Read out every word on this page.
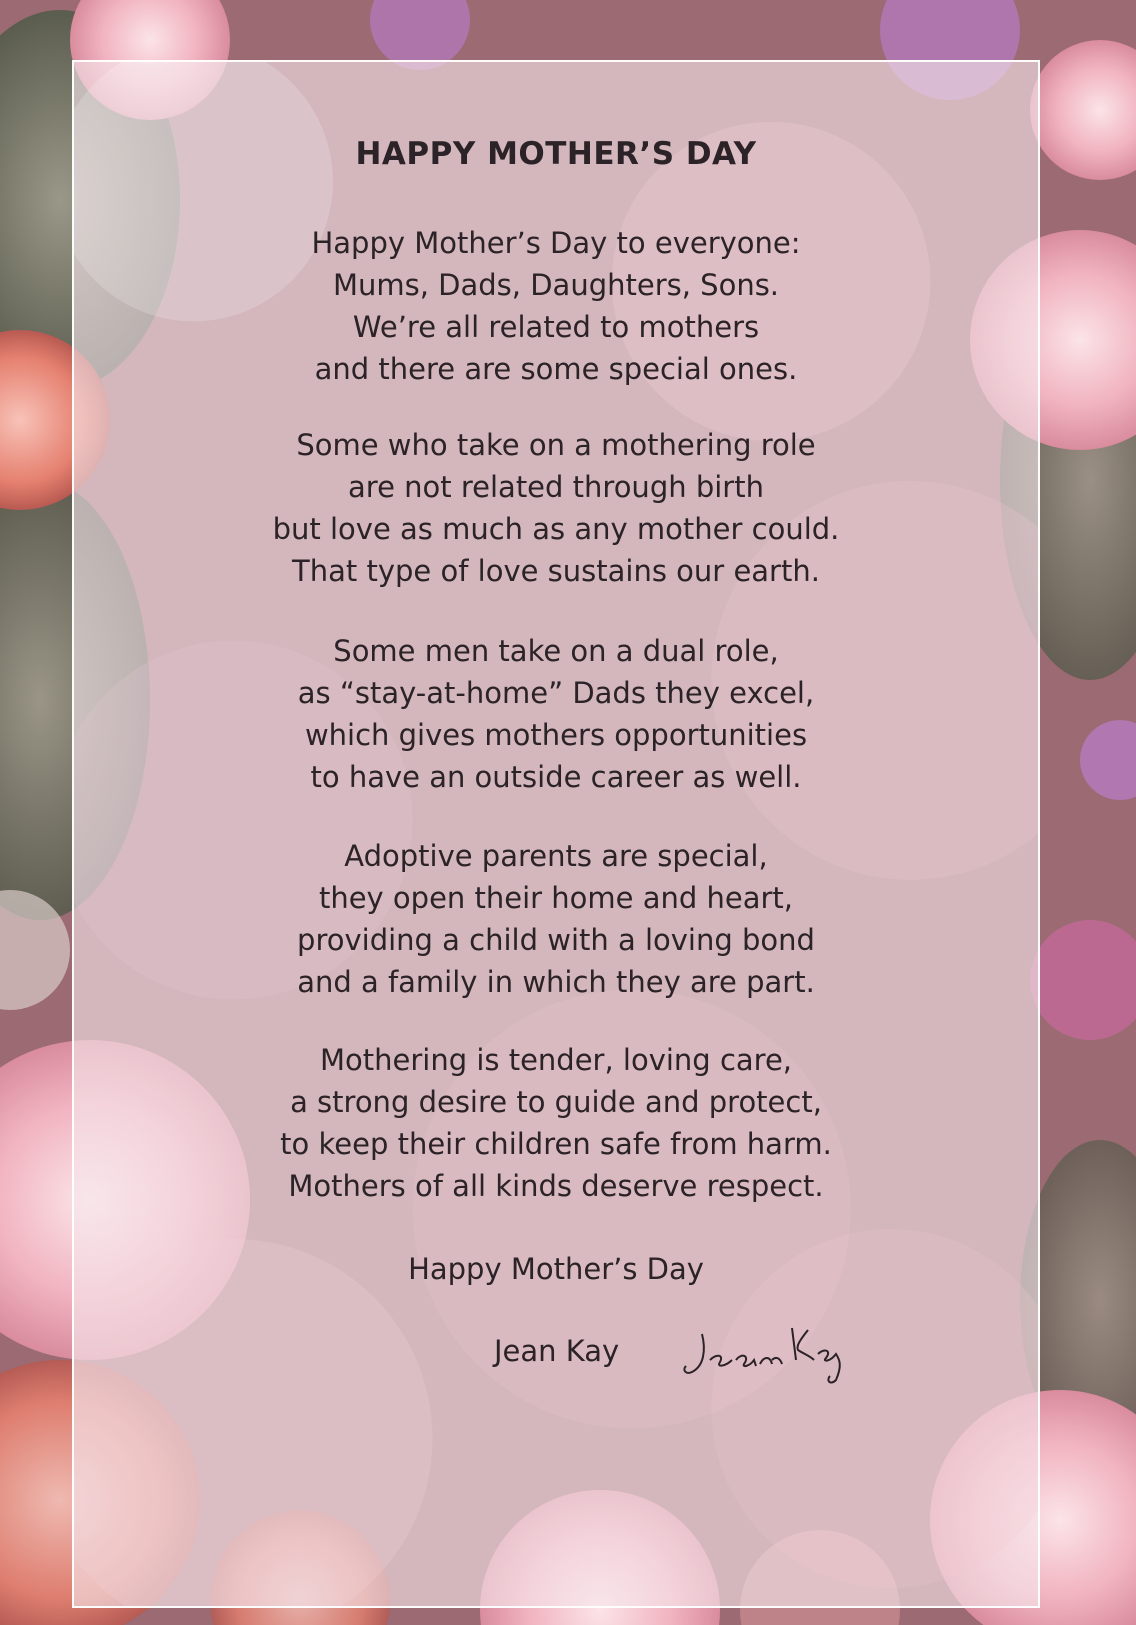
HAPPY MOTHER’S DAY
Happy Mother’s Day to everyone:
Mums, Dads, Daughters, Sons.
We’re all related to mothers
and there are some special ones.
Some who take on a mothering role
are not related through birth
but love as much as any mother could.
That type of love sustains our earth.
Some men take on a dual role,
as “stay-at-home” Dads they excel,
which gives mothers opportunities
to have an outside career as well.
Adoptive parents are special,
they open their home and heart,
providing a child with a loving bond
and a family in which they are part.
Mothering is tender, loving care,
a strong desire to guide and protect,
to keep their children safe from harm.
Mothers of all kinds deserve respect.
Happy Mother’s Day
Jean Kay
